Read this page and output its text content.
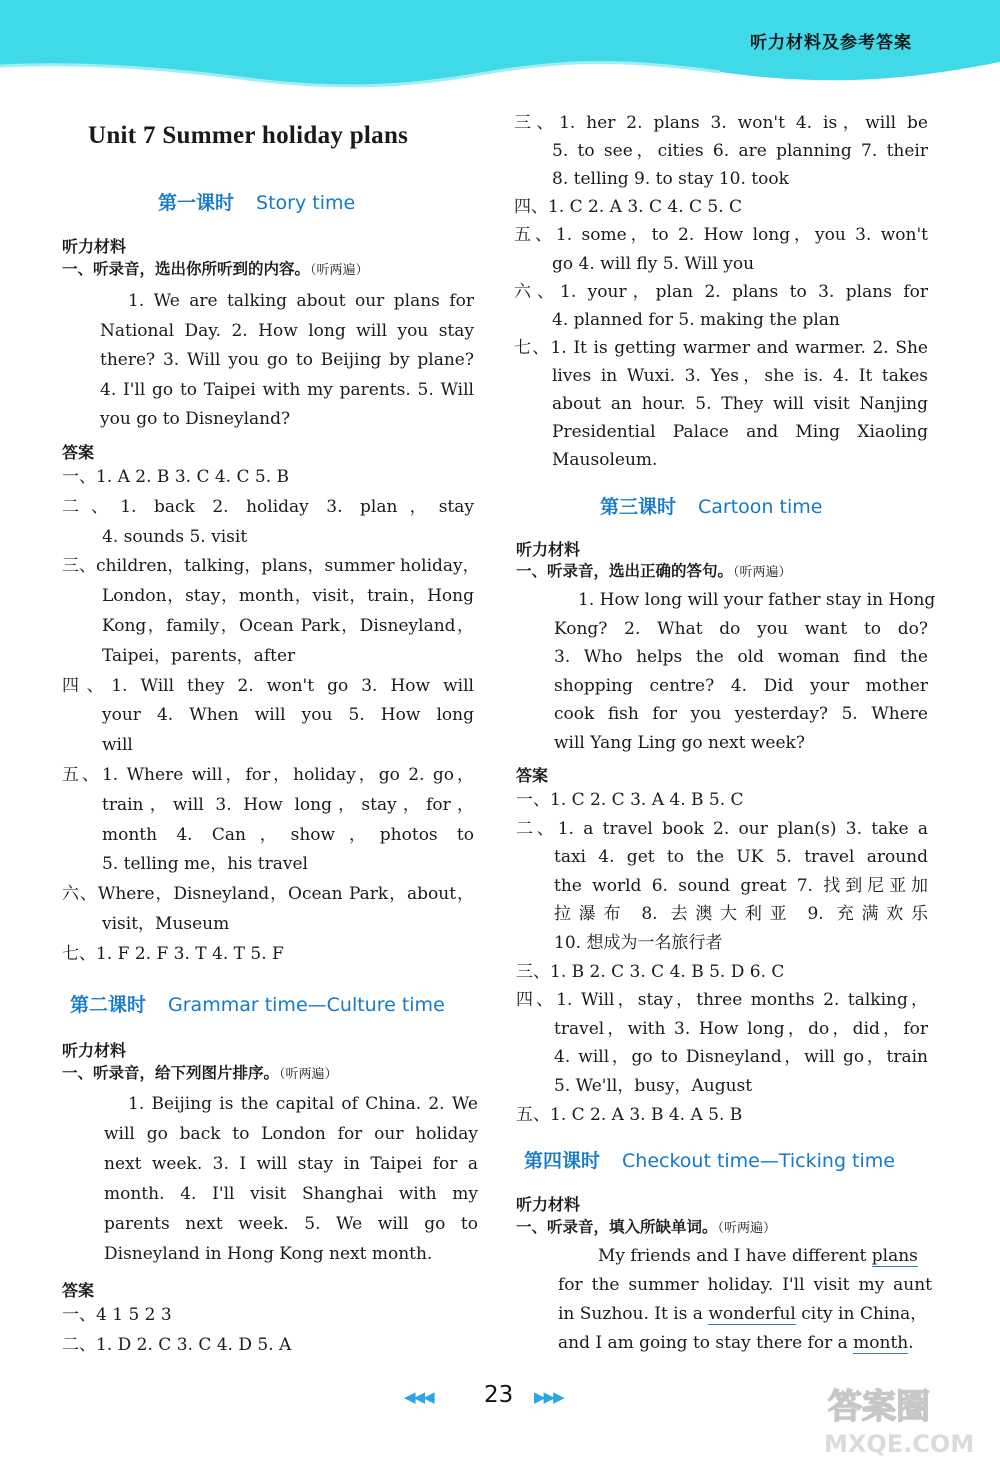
听力材料及参考答案
Unit 7 Summer holiday plans
第一课时 Story time
听力材料
一、听录音，选出你所听到的内容。（听两遍）
1. We are talking about our plans for
National Day. 2. How long will you stay
there? 3. Will you go to Beijing by plane?
4. I'll go to Taipei with my parents. 5. Will
you go to Disneyland?
答案
一、1. A 2. B 3. C 4. C 5. B
二、1. back 2. holiday 3. plan，stay
4. sounds 5. visit
三、children，talking，plans，summer holiday，
London，stay，month，visit，train，Hong
Kong，family，Ocean Park，Disneyland，
Taipei，parents，after
四、1. Will they 2. won't go 3. How will
your 4. When will you 5. How long
will
五、1. Where will，for，holiday，go 2. go，
train，will 3. How long，stay，for，
month 4. Can，show，photos to
5. telling me，his travel
六、Where，Disneyland，Ocean Park，about，
visit，Museum
七、1. F 2. F 3. T 4. T 5. F
第二课时 Grammar time—Culture time
听力材料
一、听录音，给下列图片排序。（听两遍）
1. Beijing is the capital of China. 2. We
will go back to London for our holiday
next week. 3. I will stay in Taipei for a
month. 4. I'll visit Shanghai with my
parents next week. 5. We will go to
Disneyland in Hong Kong next month.
答案
一、4 1 5 2 3
二、1. D 2. C 3. C 4. D 5. A
三、1. her 2. plans 3. won't 4. is，will be
5. to see，cities 6. are planning 7. their
8. telling 9. to stay 10. took
四、1. C 2. A 3. C 4. C 5. C
五、1. some，to 2. How long，you 3. won't
go 4. will fly 5. Will you
六、1. your，plan 2. plans to 3. plans for
4. planned for 5. making the plan
七、1. It is getting warmer and warmer. 2. She
lives in Wuxi. 3. Yes，she is. 4. It takes
about an hour. 5. They will visit Nanjing
Presidential Palace and Ming Xiaoling
Mausoleum.
第三课时 Cartoon time
听力材料
一、听录音，选出正确的答句。（听两遍）
1. How long will your father stay in Hong
Kong? 2. What do you want to do?
3. Who helps the old woman find the
shopping centre? 4. Did your mother
cook fish for you yesterday? 5. Where
will Yang Ling go next week?
答案
一、1. C 2. C 3. A 4. B 5. C
二、1. a travel book 2. our plan(s) 3. take a
taxi 4. get to the UK 5. travel around
the world 6. sound great 7. 找到尼亚加
拉瀑布 8. 去澳大利亚 9. 充满欢乐
10. 想成为一名旅行者
三、1. B 2. C 3. C 4. B 5. D 6. C
四、1. Will，stay，three months 2. talking，
travel，with 3. How long，do，did，for
4. will，go to Disneyland，will go，train
5. We'll，busy，August
五、1. C 2. A 3. B 4. A 5. B
第四课时 Checkout time—Ticking time
听力材料
一、听录音，填入所缺单词。（听两遍）
My friends and I have different plans
for the summer holiday. I'll visit my aunt
in Suzhou. It is a wonderful city in China，
and I am going to stay there for a month.
◀◀◀ 23 ▶▶▶	答案圈
MXQE.COM
